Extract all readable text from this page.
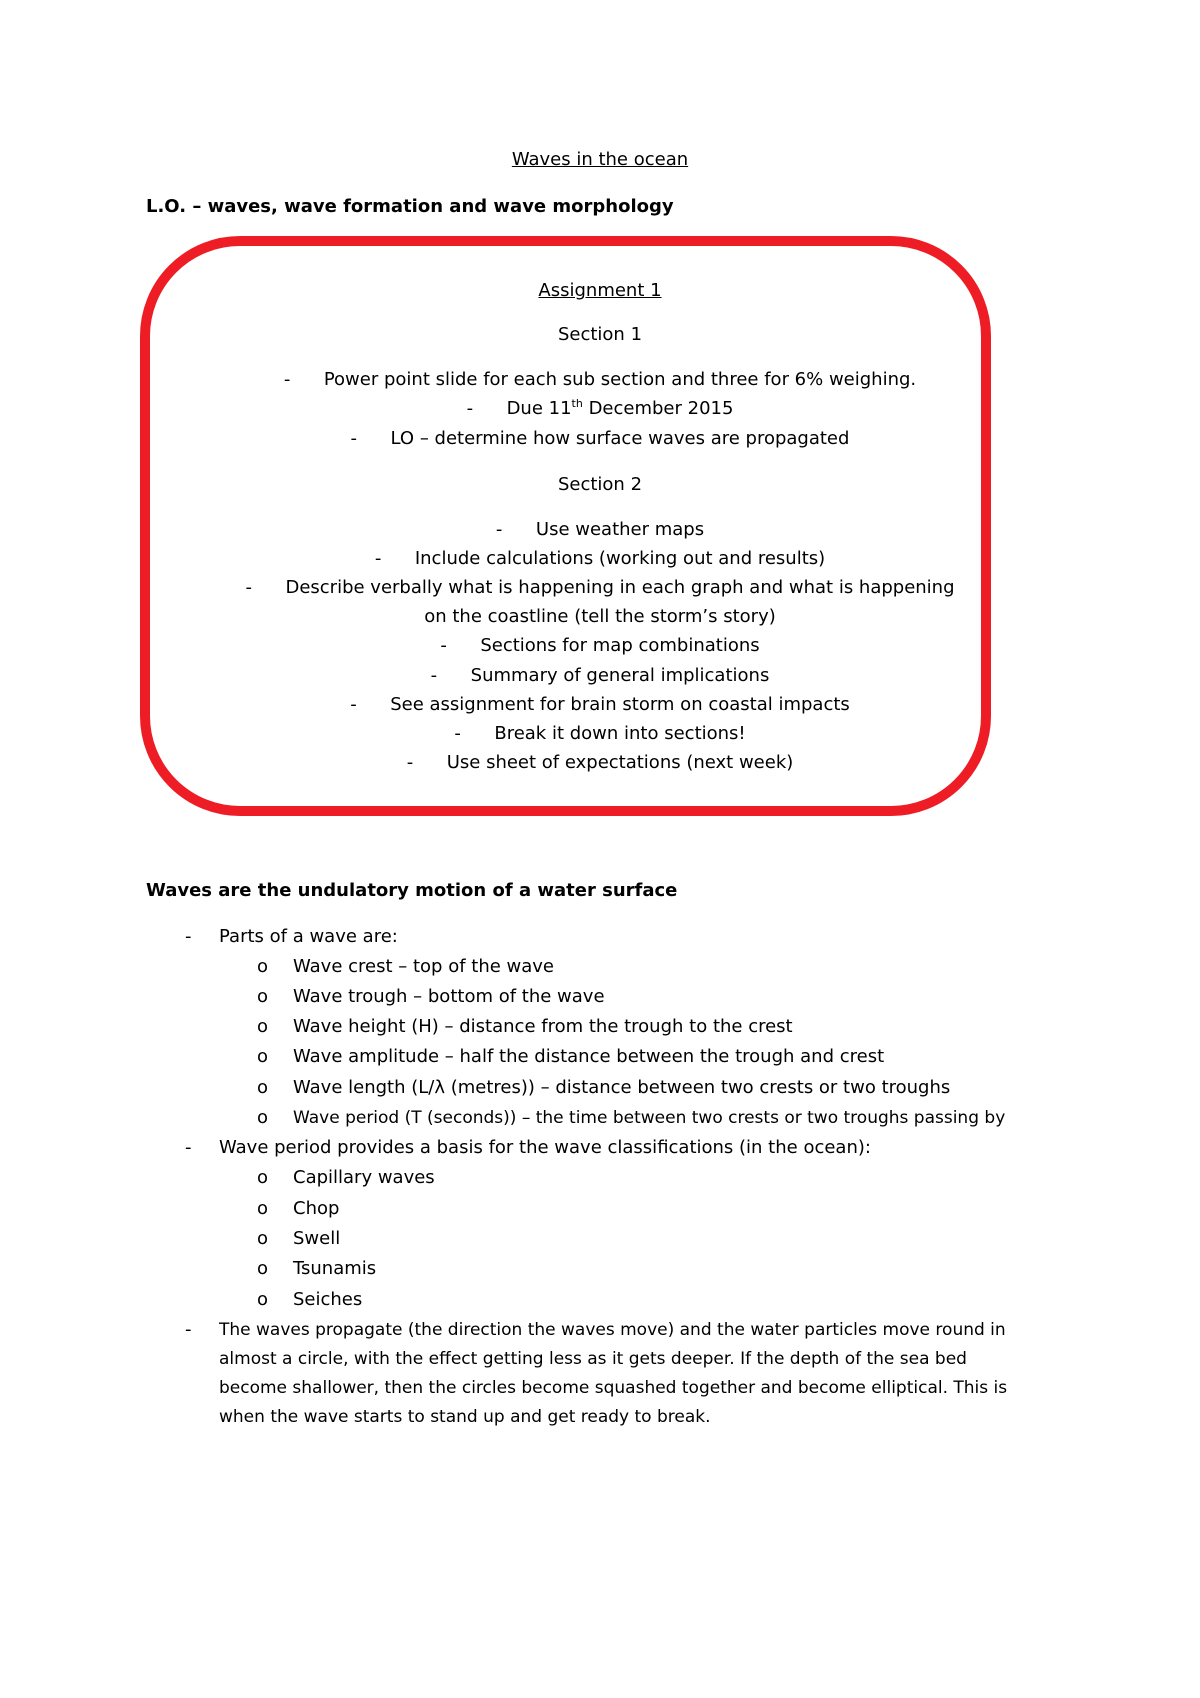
Waves in the ocean
L.O. – waves, wave formation and wave morphology
Assignment 1
Section 1
- Power point slide for each sub section and three for 6% weighing.
- Due 11th December 2015
- LO – determine how surface waves are propagated
Section 2
- Use weather maps
- Include calculations (working out and results)
- Describe verbally what is happening in each graph and what is happening
on the coastline (tell the storm’s story)
- Sections for map combinations
- Summary of general implications
- See assignment for brain storm on coastal impacts
- Break it down into sections!
- Use sheet of expectations (next week)
Waves are the undulatory motion of a water surface
- Parts of a wave are:
o Wave crest – top of the wave
o Wave trough – bottom of the wave
o Wave height (H) – distance from the trough to the crest
o Wave amplitude – half the distance between the trough and crest
o Wave length (L/λ (metres)) – distance between two crests or two troughs
o Wave period (T (seconds)) – the time between two crests or two troughs passing by
- Wave period provides a basis for the wave classifications (in the ocean):
o Capillary waves
o Chop
o Swell
o Tsunamis
o Seiches
- The waves propagate (the direction the waves move) and the water particles move round in
almost a circle, with the effect getting less as it gets deeper. If the depth of the sea bed
become shallower, then the circles become squashed together and become elliptical. This is
when the wave starts to stand up and get ready to break.
